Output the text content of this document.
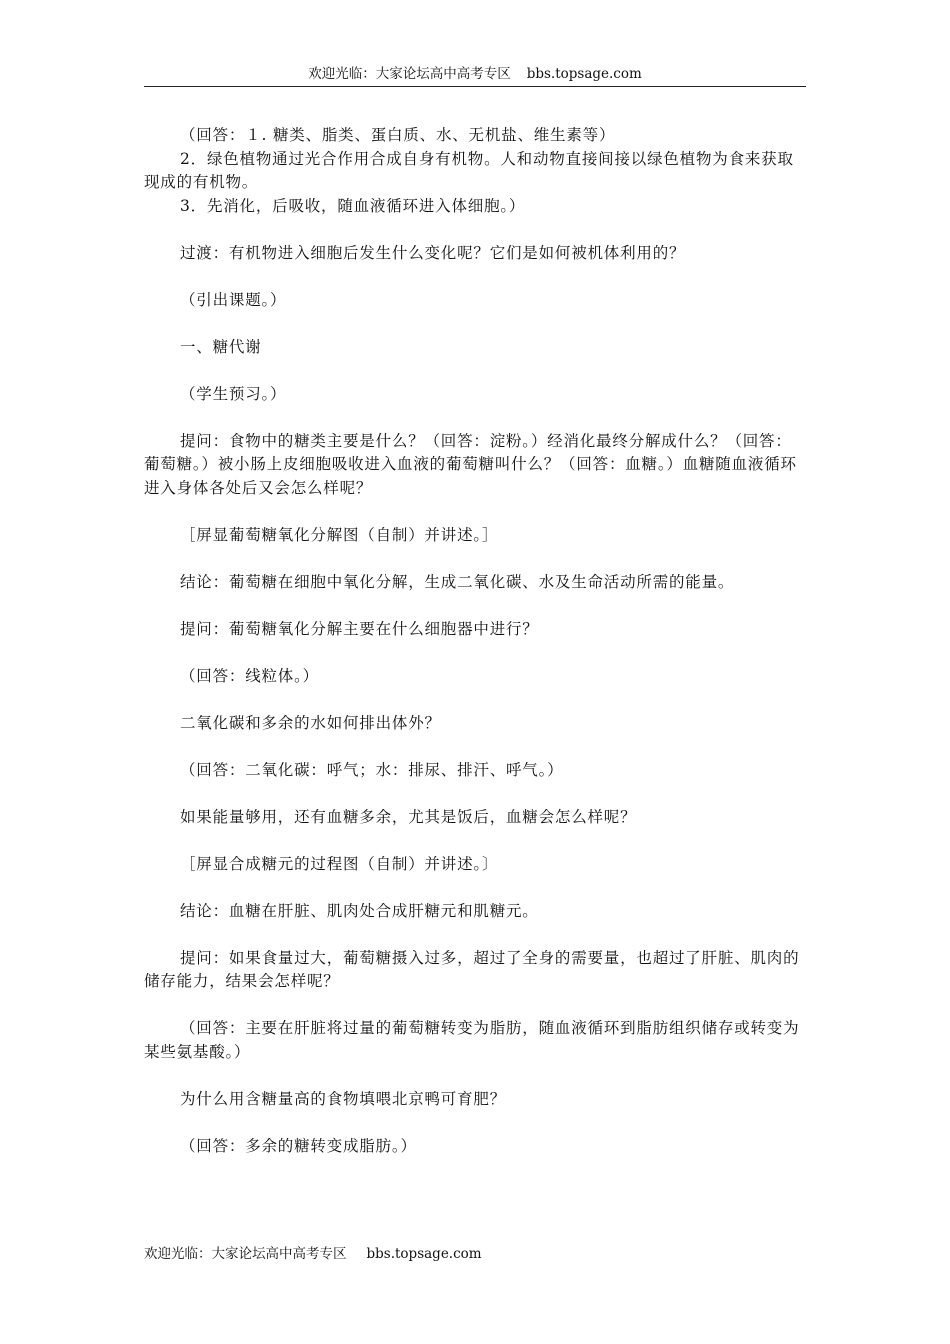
欢迎光临：大家论坛高中高考专区 bbs.topsage.com

（回答：１. 糖类、脂类、蛋白质、水、无机盐、维生素等）

2．绿色植物通过光合作用合成自身有机物。人和动物直接间接以绿色植物为食来获取现成的有机物。

3．先消化，后吸收，随血液循环进入体细胞。）

过渡：有机物进入细胞后发生什么变化呢？它们是如何被机体利用的？

（引出课题。）

一、糖代谢

（学生预习。）

提问：食物中的糖类主要是什么？（回答：淀粉。）经消化最终分解成什么？（回答：葡萄糖。）被小肠上皮细胞吸收进入血液的葡萄糖叫什么？（回答：血糖。）血糖随血液循环进入身体各处后又会怎么样呢？

［屏显葡萄糖氧化分解图（自制）并讲述。］

结论：葡萄糖在细胞中氧化分解，生成二氧化碳、水及生命活动所需的能量。

提问：葡萄糖氧化分解主要在什么细胞器中进行？

（回答：线粒体。）

二氧化碳和多余的水如何排出体外？

（回答：二氧化碳：呼气；水：排尿、排汗、呼气。）

如果能量够用，还有血糖多余，尤其是饭后，血糖会怎么样呢？

［屏显合成糖元的过程图（自制）并讲述。〕

结论：血糖在肝脏、肌肉处合成肝糖元和肌糖元。

提问：如果食量过大，葡萄糖摄入过多，超过了全身的需要量，也超过了肝脏、肌肉的储存能力，结果会怎样呢？

（回答：主要在肝脏将过量的葡萄糖转变为脂肪，随血液循环到脂肪组织储存或转变为某些氨基酸。）

为什么用含糖量高的食物填喂北京鸭可育肥？

（回答：多余的糖转变成脂肪。）

欢迎光临：大家论坛高中高考专区 bbs.topsage.com
